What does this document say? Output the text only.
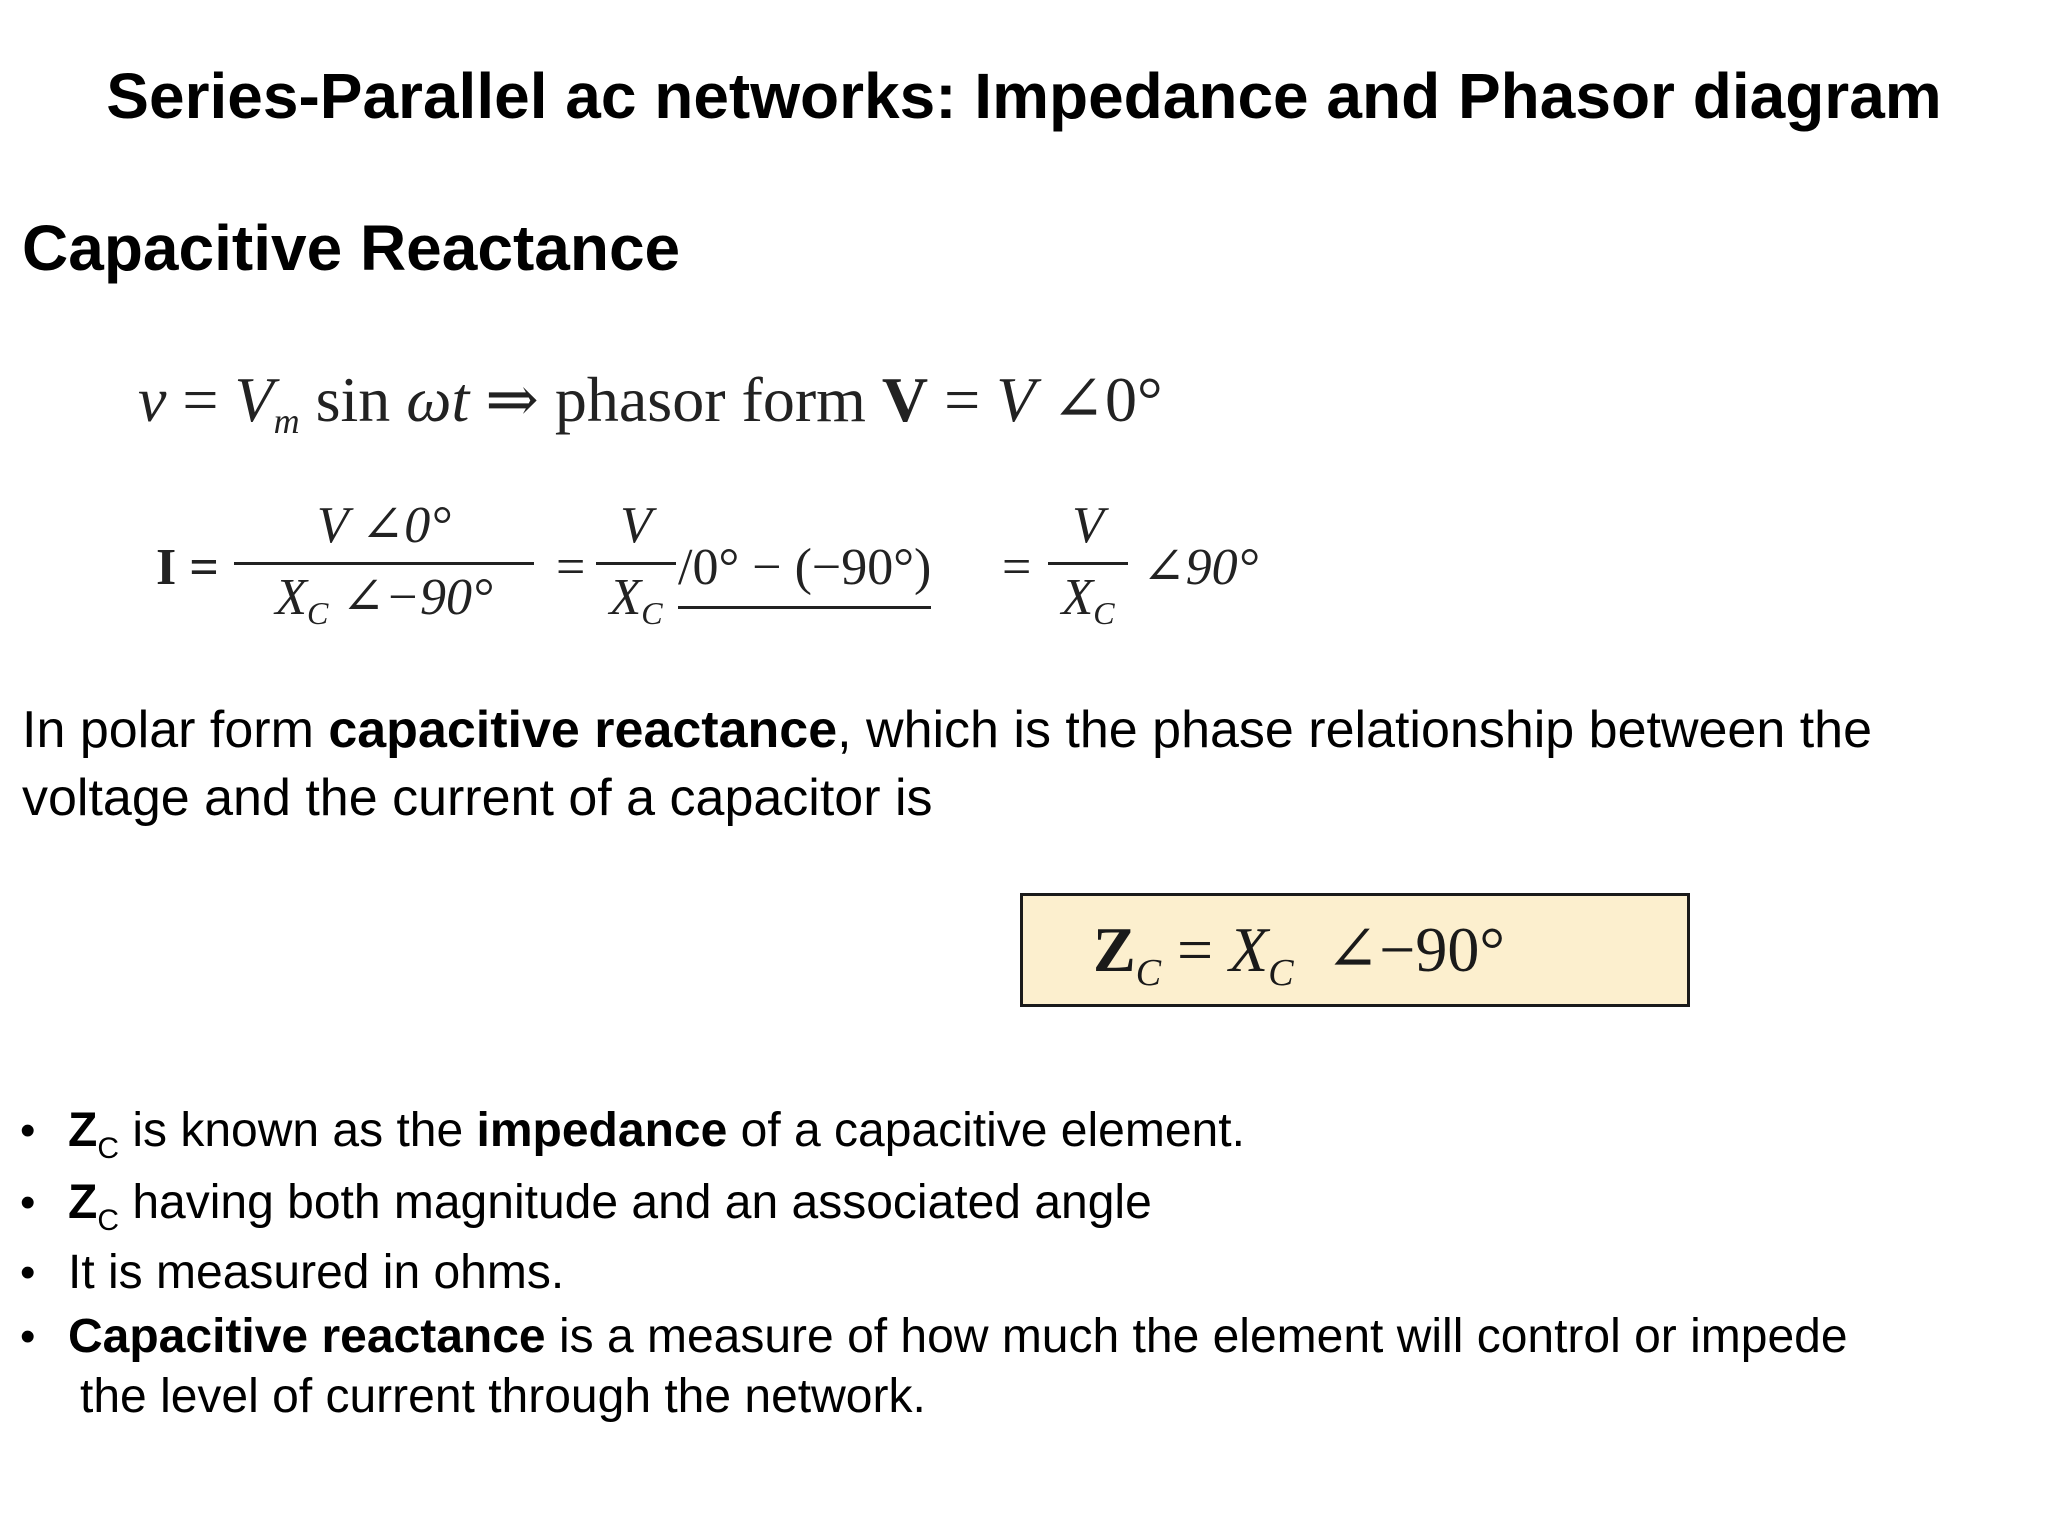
Series-Parallel ac networks: Impedance and Phasor diagram
Capacitive Reactance
$v = V_m$ sin ωt ⇒ phasor form V = V ∠0°
I =
V ∠0°
$X_C$ ∠−90°
=
V
$X_C$
/0° − (−90°) =
V
$X_C$
∠90°
In polar form capacitive reactance, which is the phase relationship between the voltage and the current of a capacitor is
$Z_C = X_C$  ∠−90°
• $Z_C$ is known as the impedance of a capacitive element.
• $Z_C$ having both magnitude and an associated angle
• It is measured in ohms.
• Capacitive reactance is a measure of how much the element will control or impede
the level of current through the network.
